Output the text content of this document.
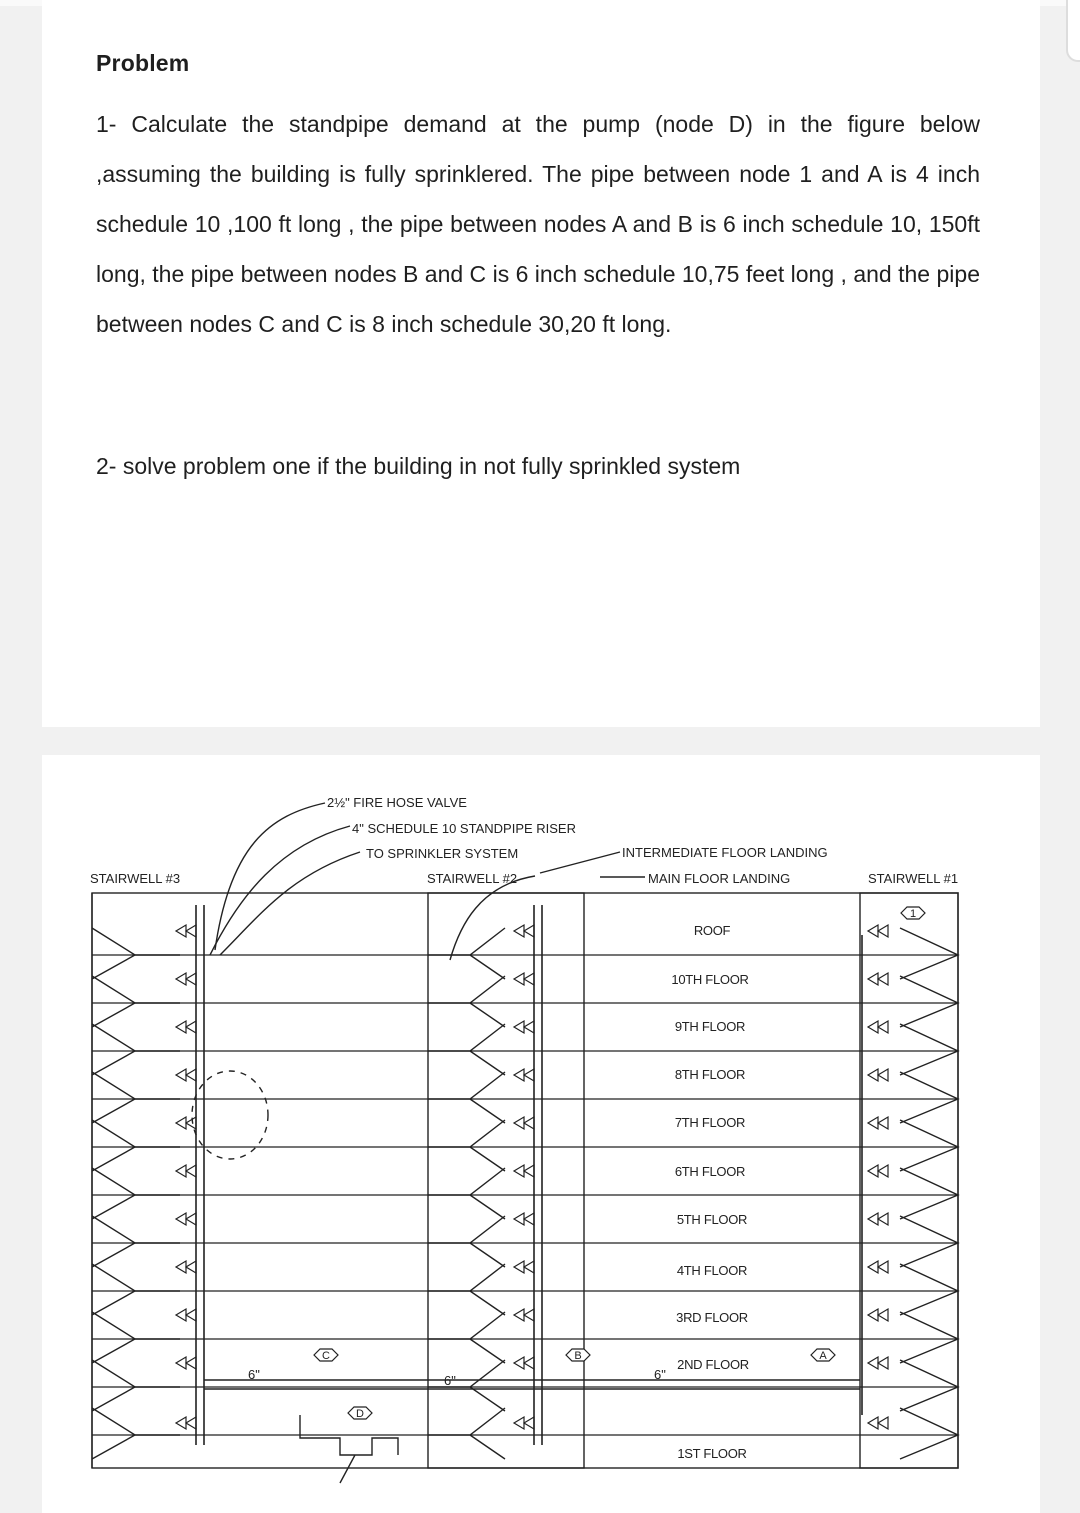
Problem
1- Calculate the standpipe demand at the pump (node D) in the figure below ,assuming the building is fully sprinklered. The pipe between node 1 and A is 4 inch schedule 10 ,100 ft long , the pipe between nodes A and B is 6 inch schedule 10, 150ft long, the pipe between nodes B and C is 6 inch schedule 10,75 feet long , and the pipe between nodes C and C is 8 inch schedule 30,20 ft long.
2- solve problem one if the building in not fully sprinkled system
1
A
B
C
D
6"	6"	6"
2½" FIRE HOSE VALVE
4" SCHEDULE 10 STANDPIPE RISER
TO SPRINKLER SYSTEM	INTERMEDIATE FLOOR LANDING
MAIN FLOOR LANDING
STAIRWELL #3	STAIRWELL #2	STAIRWELL #1
ROOF
10TH FLOOR
9TH FLOOR
8TH FLOOR
7TH FLOOR
6TH FLOOR
5TH FLOOR
4TH FLOOR
3RD FLOOR
2ND FLOOR
1ST FLOOR
